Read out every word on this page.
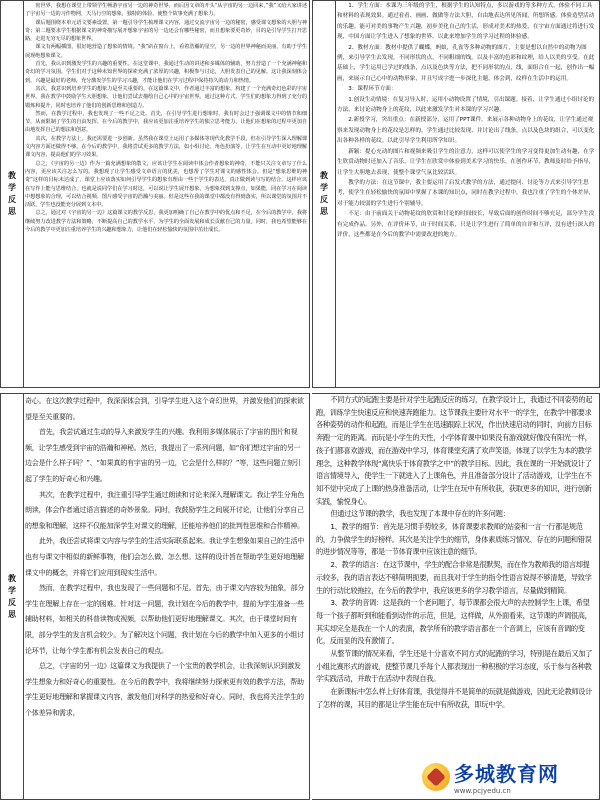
教
学
反
思

密世界，我想在课堂上带领学生畅游宇宙另一边的神奇世界，而后因文章的开头“从宇宙的另一边回来，”我”又给大家讲述了宇宙另一边的习作物网，天马行空的想象，独特的体验，使整个故事充满了想象力。

课后题围绕本单元语文要素设置，第一题引导学生梳理课文内容，通过交流宇宙另一边的秘密，感受课文想象的大胆与神奇；第二题要求学生根据课文的神奇描写展开想象宇宙的另一边还会有哪些秘密，而且想象要更奇妙，目的是引导学生打开思路，走进无穷无尽的想象世界。

课文有两幅插图，很好地营造了想象的情境。“我”趴在窗台上，看着浩瀚的星空，另一边的世界神秘而美丽，有助于学生展现绝想象课文。

首先，我认识到激发学生的兴趣的重要性。在这堂课中，我通过生动的讲述和多媒体的辅助，努力营造了一个充满神秘和奇幻的学习氛围。学生们对于这种未知世界的探索充满了浓厚的兴趣，积极参与讨论，大胆发表自己的见解。这让我深刻体会到，兴趣是最好的老师，充分激发学生的学习兴趣，才能让他们在学习过程中保持持久的动力和热情。

其次，我意识到培养学生的想象力是至关重要的。在这篇课文中，作者通过丰富的想象，构建了一个充满奇幻色彩的宇宙世界。我在教学中鼓励学生大胆想象，让他们尝试去描绘自己心中的宇宙世界。通过这种方式，学生们的想象力得到了充分的锻炼和提升，同时也培养了他们的创新思维和创造力。

然而，在教学过程中，我也发现了一些不足之处。首先，在引导学生进行想象时，我有时会过于强调课文中的情节和细节，从而限制了学生的自由发挥。在今后的教学中，我应该更加注重培养学生的独立思考能力，让他们在想象的过程中更加自由地发挥自己的想法和创意。

其次，在教学方法上，我还需要进一步创新。虽然我在课堂上运用了多媒体等现代化教学手段，但在引导学生深入理解课文内容方面还做得不够。在今后的教学中，我将尝试更多的教学方法，如小组讨论、角色扮演等，让学生在互动中更好地理解课文内容，提高他们的学习效果。

总之，《宇宙的另一边》作为一篇充满想象的散文，应该让学生在阅读中体会作者想象的神奇，不能只关注文章写了什么内容，更应该关注怎么写的。我想现了让学生感受文章语言的优美，也想帮了学生对课文的感性体会。但是“想象思维的神奇”这样的目标未达成了，课堂上应该落实如何引导学生的想象有理由一些于学生的表达，真正做到读与写的结合。这样应该在写作上能与思维结合，也就是说同学们在学习时这，可以说让学生展开想象，为想象找到支撑点，如果能，同在学习在阅读中想想象的合理，可以结合视频、图片感受宇宙的浩瀚与美丽。但是这些在我的课堂中都没有得到落实，所以课堂的氛围并不活跃，学生也没能充分展到文本中。

总之，通过对《宇宙的另一边》这篇课文的教学反思，我更加明确了自己在教学中的优点和不足，在今后的教学中，我将继续努力改进教学方法和策略，不断提高自己的教学水平，为学生的全面发展和成长贡献自己的力量。同时，我也希望能够在今后的教学中更加注重培养学生的兴趣和想象力，让他们在轻松愉快的氛围中茁壮成长。

教
学
反
思

1、学生方面：本课为三年级的学生，根据学生的认知特点，多以游戏的等多种方式，体验不同工具和材料的表现效果。通过看看、画画、做做等方法大胆，自由地表达所见所闻，所想所感，体验造型活动的乐趣。能可对美的事物产生兴趣，初步美化自己的生活，形成对美术的热爱，在宇宙方面通过将进行发现，中国方面让学生进入了想象的世界，以此来增加学生的学习过程的体验感。

2、教材方面：教材中提供了蝴蝶，蚂蚁，孔雀等多种动物的图片，主要是想以自然中的动物为图例，来引导学生去发现，不同形状的点，不同粗细的线。以及丰富的色彩和纹理，给人以美的享受。在此基础上，学生运用已学过的线条，点以及色块等方法，把不同形状的点，线，面组合在一起，创作出一幅画，来展示自己心中的动物形象，并且写成字进一步深化主题。体会到，纹样在生活中的运用。

3：课程环节方面：

1.创设生动情境：在复习导入时，运用小动物设置了情境，引出课题。接着，让学生通过小组讨论的方法，来讨论动物身上的花纹，以此来激发学生对本课的学习兴趣。

2.新授学习，突出重点：在新授部分，运用了PPT课件，来展示各种动物身上的花纹，让学生通过观察来发现动物身上的花纹是怎样的。学生通过比较发现、并讨论出了线条，点以及色块的组合，可以变化出各种各样的花纹。以此引导学生利用所学知识。

新颖：提心充动的图片和视频来吸引学生的注意力，这样可以使学生的学习变得更加生动有趣，在学生欣赏动物时还加入了音乐，让学生在欣赏中体验到美术学习的快乐。在创作环节，教师及时给予指导，让学生大胆地去表现，使整个课堂气氛比较活跃。

教学的方法：在这节课中，我主要运用了启发式教学的方法，通过提问、讨论等方式来引导学生思考，使学生在轻松愉快的氛围中掌握了本课的知识点，同时在教学过程中，我也注重了学生的个体差异，对于能力较弱的学生进行个别辅导。

不足：由于前面关于动物花纹的欣赏和讨论的时间较长，导致后面的创作时间不够充足，部分学生没有完成作品。另外，在评价环节，由于时间关系，只是让学生进行了简单的自评和互评，没有进行深入的评价，这些都是在今后的教学中需要改进的地方。

教
学
反
思

奇心。在这次教学过程中，我深深体会到，引导学生进入这个奇幻世界，并激发他们的探索欲望是至关重要的。

首先，我尝试通过生动的导入来激发学生的兴趣。我利用多媒体展示了宇宙的图片和视频，让学生感受到宇宙的浩瀚和神秘。然后，我提出了一系列问题，如“你们想过宇宙的另一边会是什么样子吗？”、“如果真的有宇宙的另一边，它会是什么样的？”等，这些问题立刻引起了学生的好奇心和兴趣。

其次，在教学过程中，我注重引导学生通过朗读和讨论来深入理解课文。我让学生分角色朗读，体会作者通过语言描述的奇妙景象。同时，我鼓励学生之间展开讨论，让他们分享自己的想象和理解，这样不仅能加深学生对课文的理解，还能培养他们的批判性思维和合作精神。

此外，我还尝试将课文内容与学生的生活实际联系起来。我让学生想象如果自己的生活中也有与课文中相似的新鲜事物，他们会怎么做、怎么想。这样的设计旨在帮助学生更好地理解课文中的概念，并将它们应用到现实生活中。

然而，在教学过程中，我也发现了一些问题和不足。首先，由于课文内容较为抽象，部分学生在理解上存在一定的困难。针对这一问题，我计划在今后的教学中，提前为学生准备一些辅助材料，如相关的科普读物或视频，以帮助他们更好地理解课文。其次，由于课堂时间有限，部分学生的发言机会较少。为了解决这个问题，我计划在今后的教学中加入更多的小组讨论环节，让每个学生都有机会发表自己的观点。

总之，《宇宙的另一边》这篇课文为我提供了一个宝贵的教学机会，让我深刻认识到激发学生想象力和好奇心的重要性。在今后的教学中，我将继续努力探索更有效的教学方法，帮助学生更好地理解和掌握课文内容，激发他们对科学的热爱和好奇心。同时，我也将关注学生的个体差异和需求，

不同方式的起跑主要是针对学生起跑反应的练习，在教学设计上，我通过不同姿势的起跑，训练学生快速反应和快速奔跑能力。这节课我主要针对水平一的学生，在教学中都要求各种姿势的动作和起跑，而是让学生在迅速跟踪上状况，作出快速启动的同时，向前方目标奔跑一定的距离。而玩是小学生的天性，小学体育课中如果没有游戏就好像没有阳光一样，孩子们都喜欢游戏，而在游戏中学习，体育课堂充满了欢声笑语，体现了以学生为本的教学理念，这种教学体现“寓快乐于体育教学之中”的教学目标。因此，我在课的一开始就设计了语言情境导入，使学生一下就进入了上课角色，并且准备部分设计了活动游戏，让学生在不知不觉中完成了上课的热身准备活动，让学生在玩中有所收获，获取更多的知识，进行创新实践，愉悦身心。

但通过这节课的教学，我也发现了本课中存在的许多问题：

1、教学的细节：首先是习惯手势较多，体育课要求教师的站姿和一言一行都是规范的，力争做学生的好榜样。其次是关注学生的细节，身体素质练习情况、存在的问题和错误的进步情况等等，都是一节体育课中应该注意的细节。

2、教学的语言：在这节课中，学生的配合非常是很默契，而在作为教师我的语言却提示较多，我的语言表达不够简明扼要，而且我对于学生的指令性语言说得不够清楚，导致学生的行动比较拖拉，在今后的教学中，我应该更多的学习教学语言，尽量做到精简。

3、教学的音调：这是我的一个老问题了，每节课都会很大声的去控制学生上课，希望每一个孩子都听到和能看到动作的示范，但是，这样做，从外面看来，这节课的声调很高，其实却完全是我在一个人的表演，教学所有的教学语言都在一个音调上，应该有音调的变化，反而显的没有激情了。

从整节课的情况来看，学生还是十分喜欢不同方式的起跑的学习，特别是在最后又加了小组比赛形式的游戏，使整节课几乎每个人都表现出一种积极的学习态度，乐于参与各种教学实践活动，并敢于在活动中表现自我。

在新课标中怎么样上好体育课，我觉得并不是简单的玩就是做游戏，因此无论教师设计了怎样的课，其目的都是让学生能在玩中有所收获，即玩中学。

多城教育网
www.pcjyedu.cn
